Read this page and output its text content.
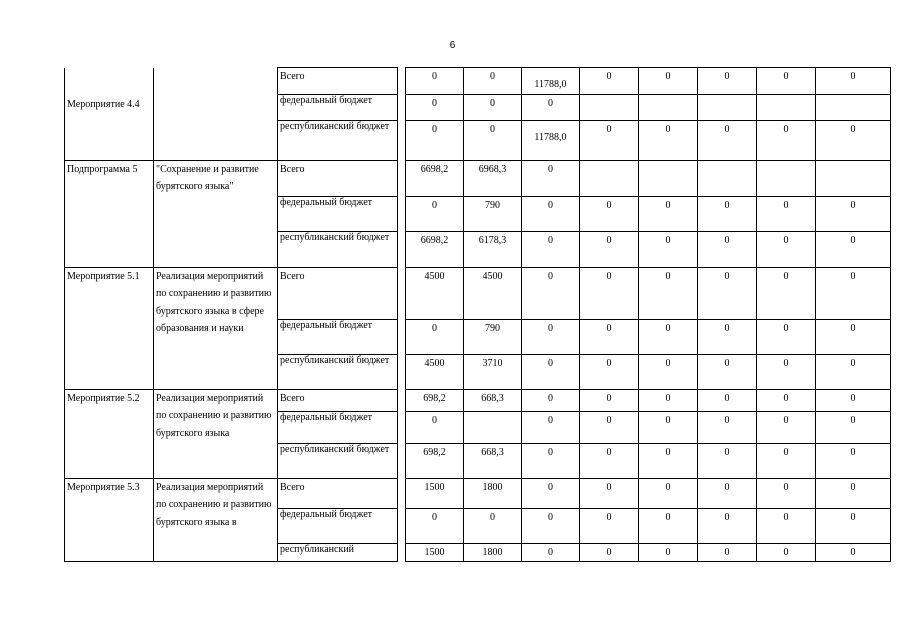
6
Мероприятие 4.4		Всего		0	0	11788,0	0	0	0	0	0
		федеральный бюджет		0	0	0					
		республиканский бюджет		0	0	11788,0	0	0	0	0	0
Подпрограмма 5	"Сохранение и развитие бурятского языка"	Всего		6698,2	6968,3	0					
		федеральный бюджет		0	790	0	0	0	0	0	0
		республиканский бюджет		6698,2	6178,3	0	0	0	0	0	0
Мероприятие 5.1	Реализация мероприятий по сохранению и развитию бурятского языка в сфере образования и науки	Всего		4500	4500	0	0	0	0	0	0
		федеральный бюджет		0	790	0	0	0	0	0	0
		республиканский бюджет		4500	3710	0	0	0	0	0	0
Мероприятие 5.2	Реализация мероприятий по сохранению и развитию бурятского языка	Всего		698,2	668,3	0	0	0	0	0	0
		федеральный бюджет		0		0	0	0	0	0	0
		республиканский бюджет		698,2	668,3	0	0	0	0	0	0
Мероприятие 5.3	Реализация мероприятий по сохранению и развитию бурятского языка в	Всего		1500	1800	0	0	0	0	0	0
		федеральный бюджет		0	0	0	0	0	0	0	0
		республиканский		1500	1800	0	0	0	0	0	0
